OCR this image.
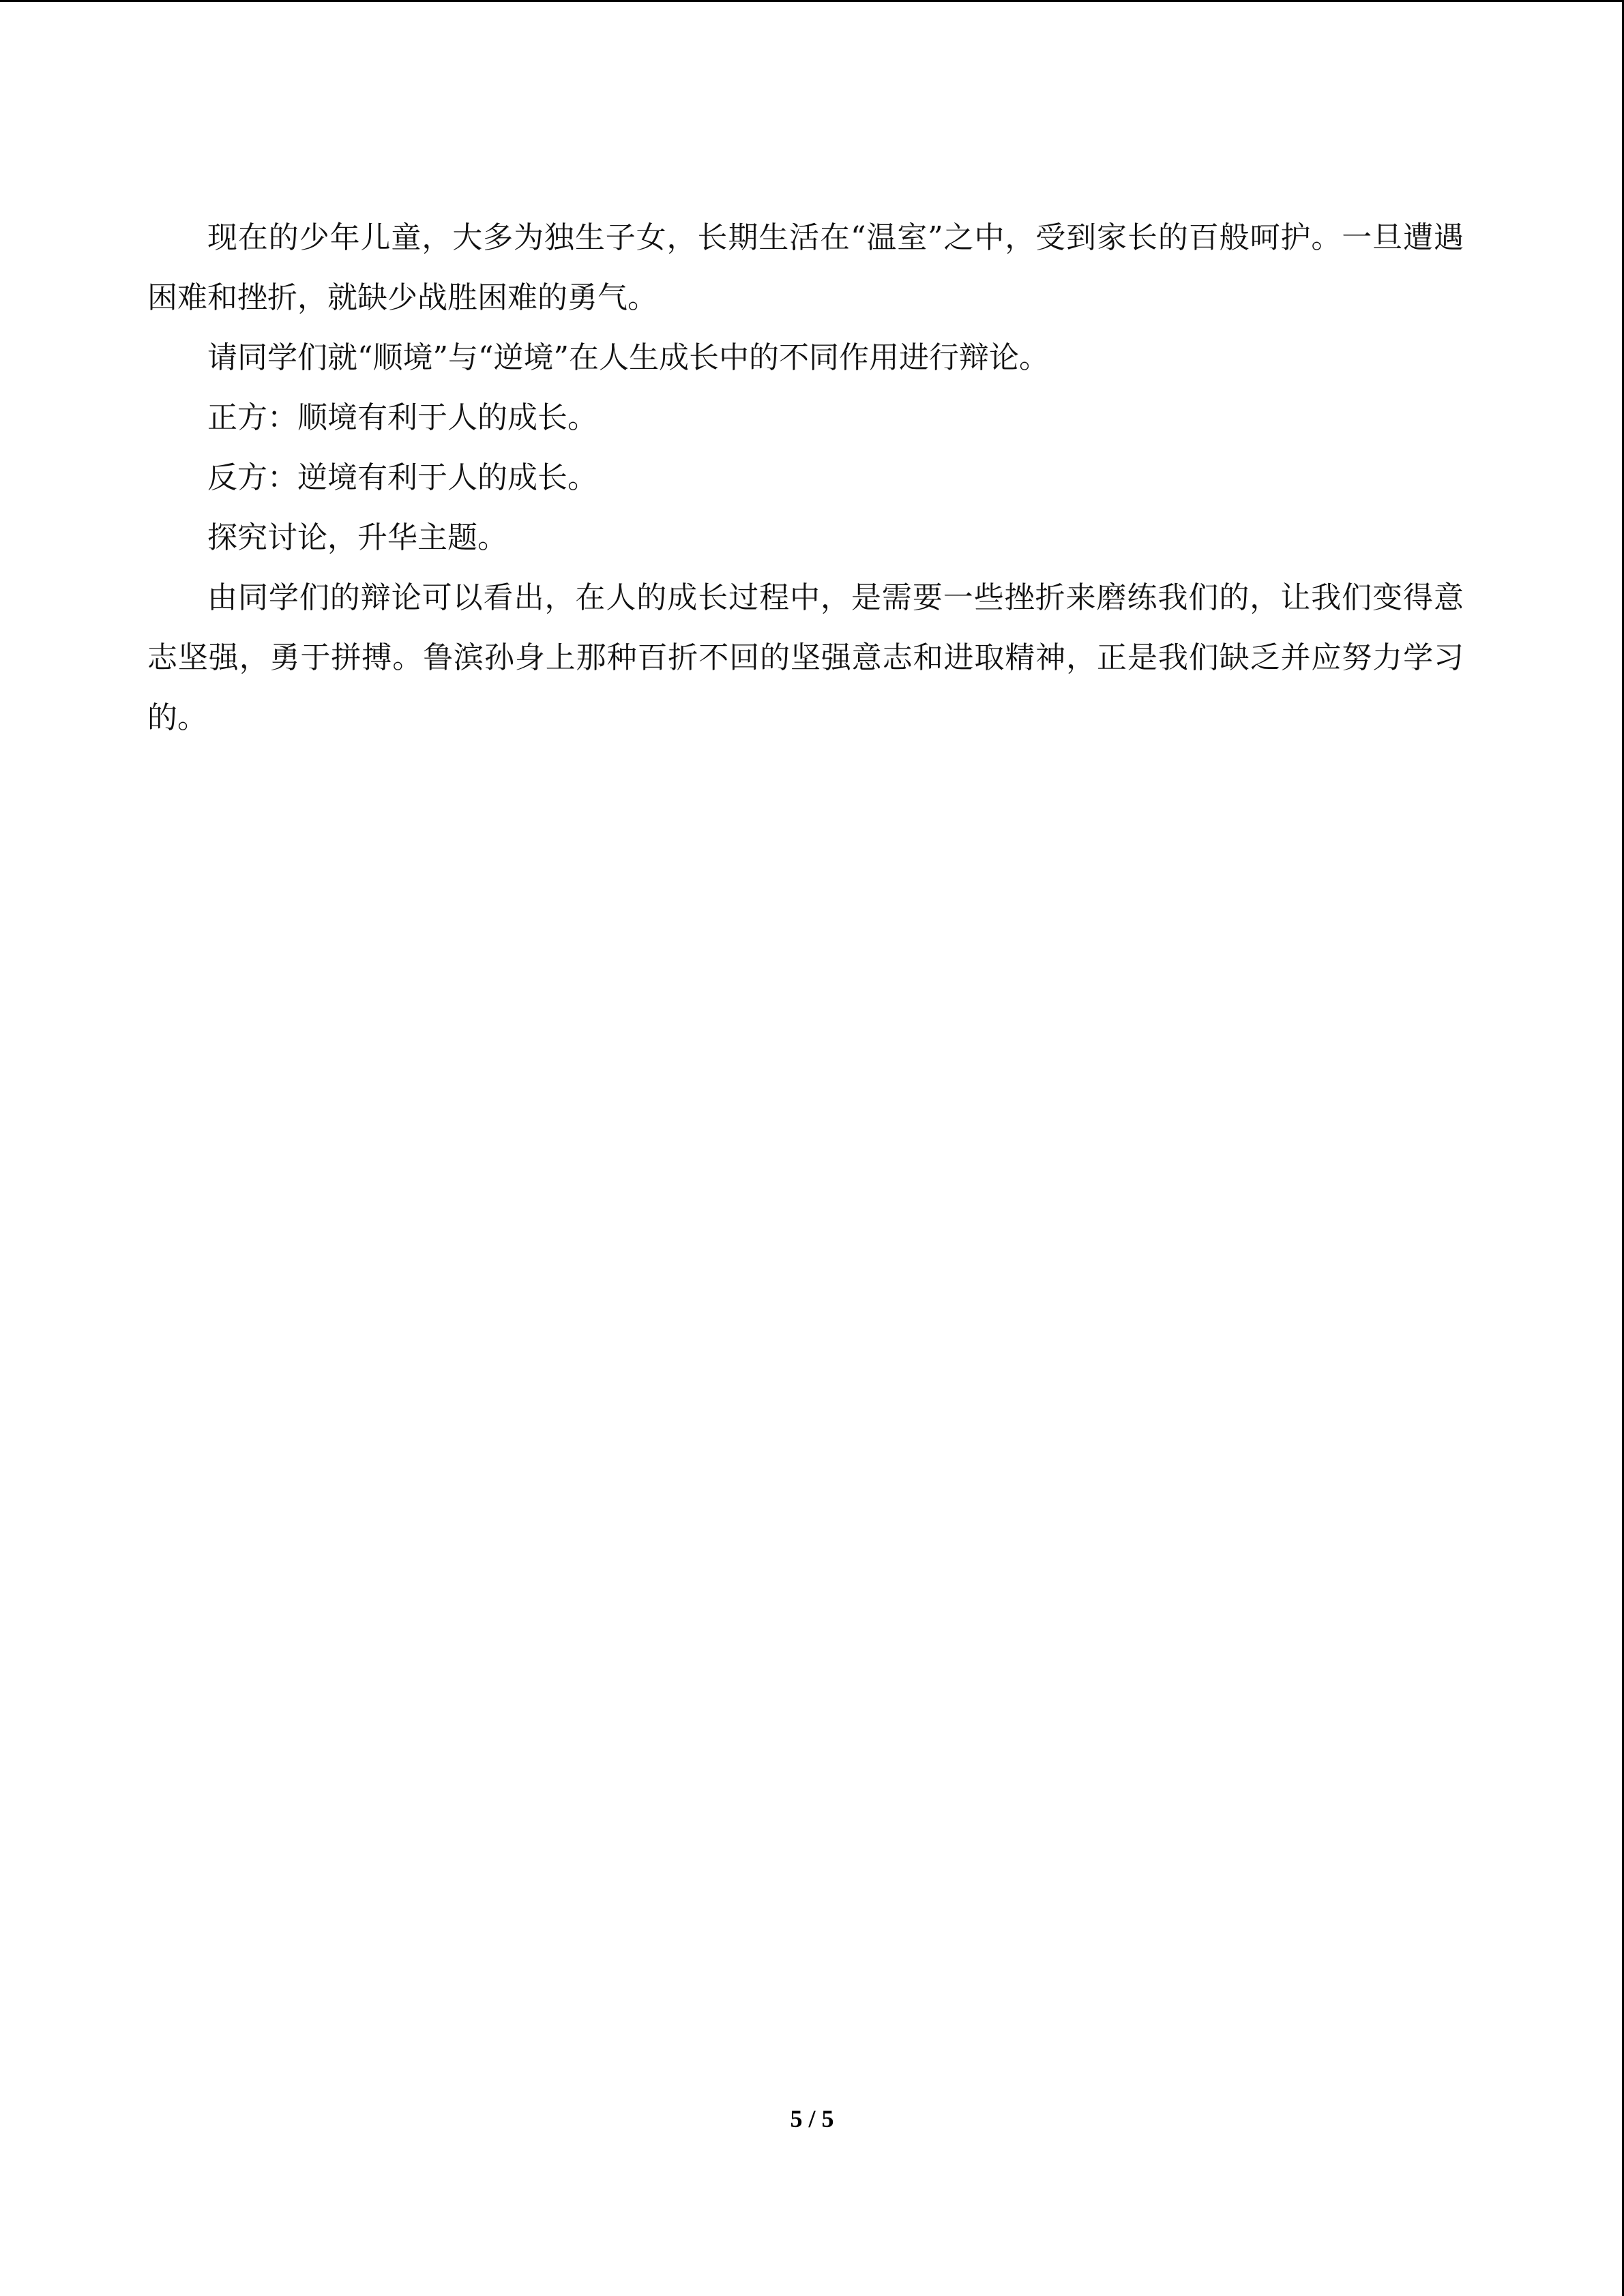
现在的少年儿童，大多为独生子女，长期生活在“温室”之中，受到家长的百般呵护。一旦遭遇困难和挫折，就缺少战胜困难的勇气。

请同学们就“顺境”与“逆境”在人生成长中的不同作用进行辩论。

正方：顺境有利于人的成长。

反方：逆境有利于人的成长。

探究讨论，升华主题。

由同学们的辩论可以看出，在人的成长过程中，是需要一些挫折来磨练我们的，让我们变得意志坚强，勇于拼搏。鲁滨孙身上那种百折不回的坚强意志和进取精神，正是我们缺乏并应努力学习的。

5 / 5
